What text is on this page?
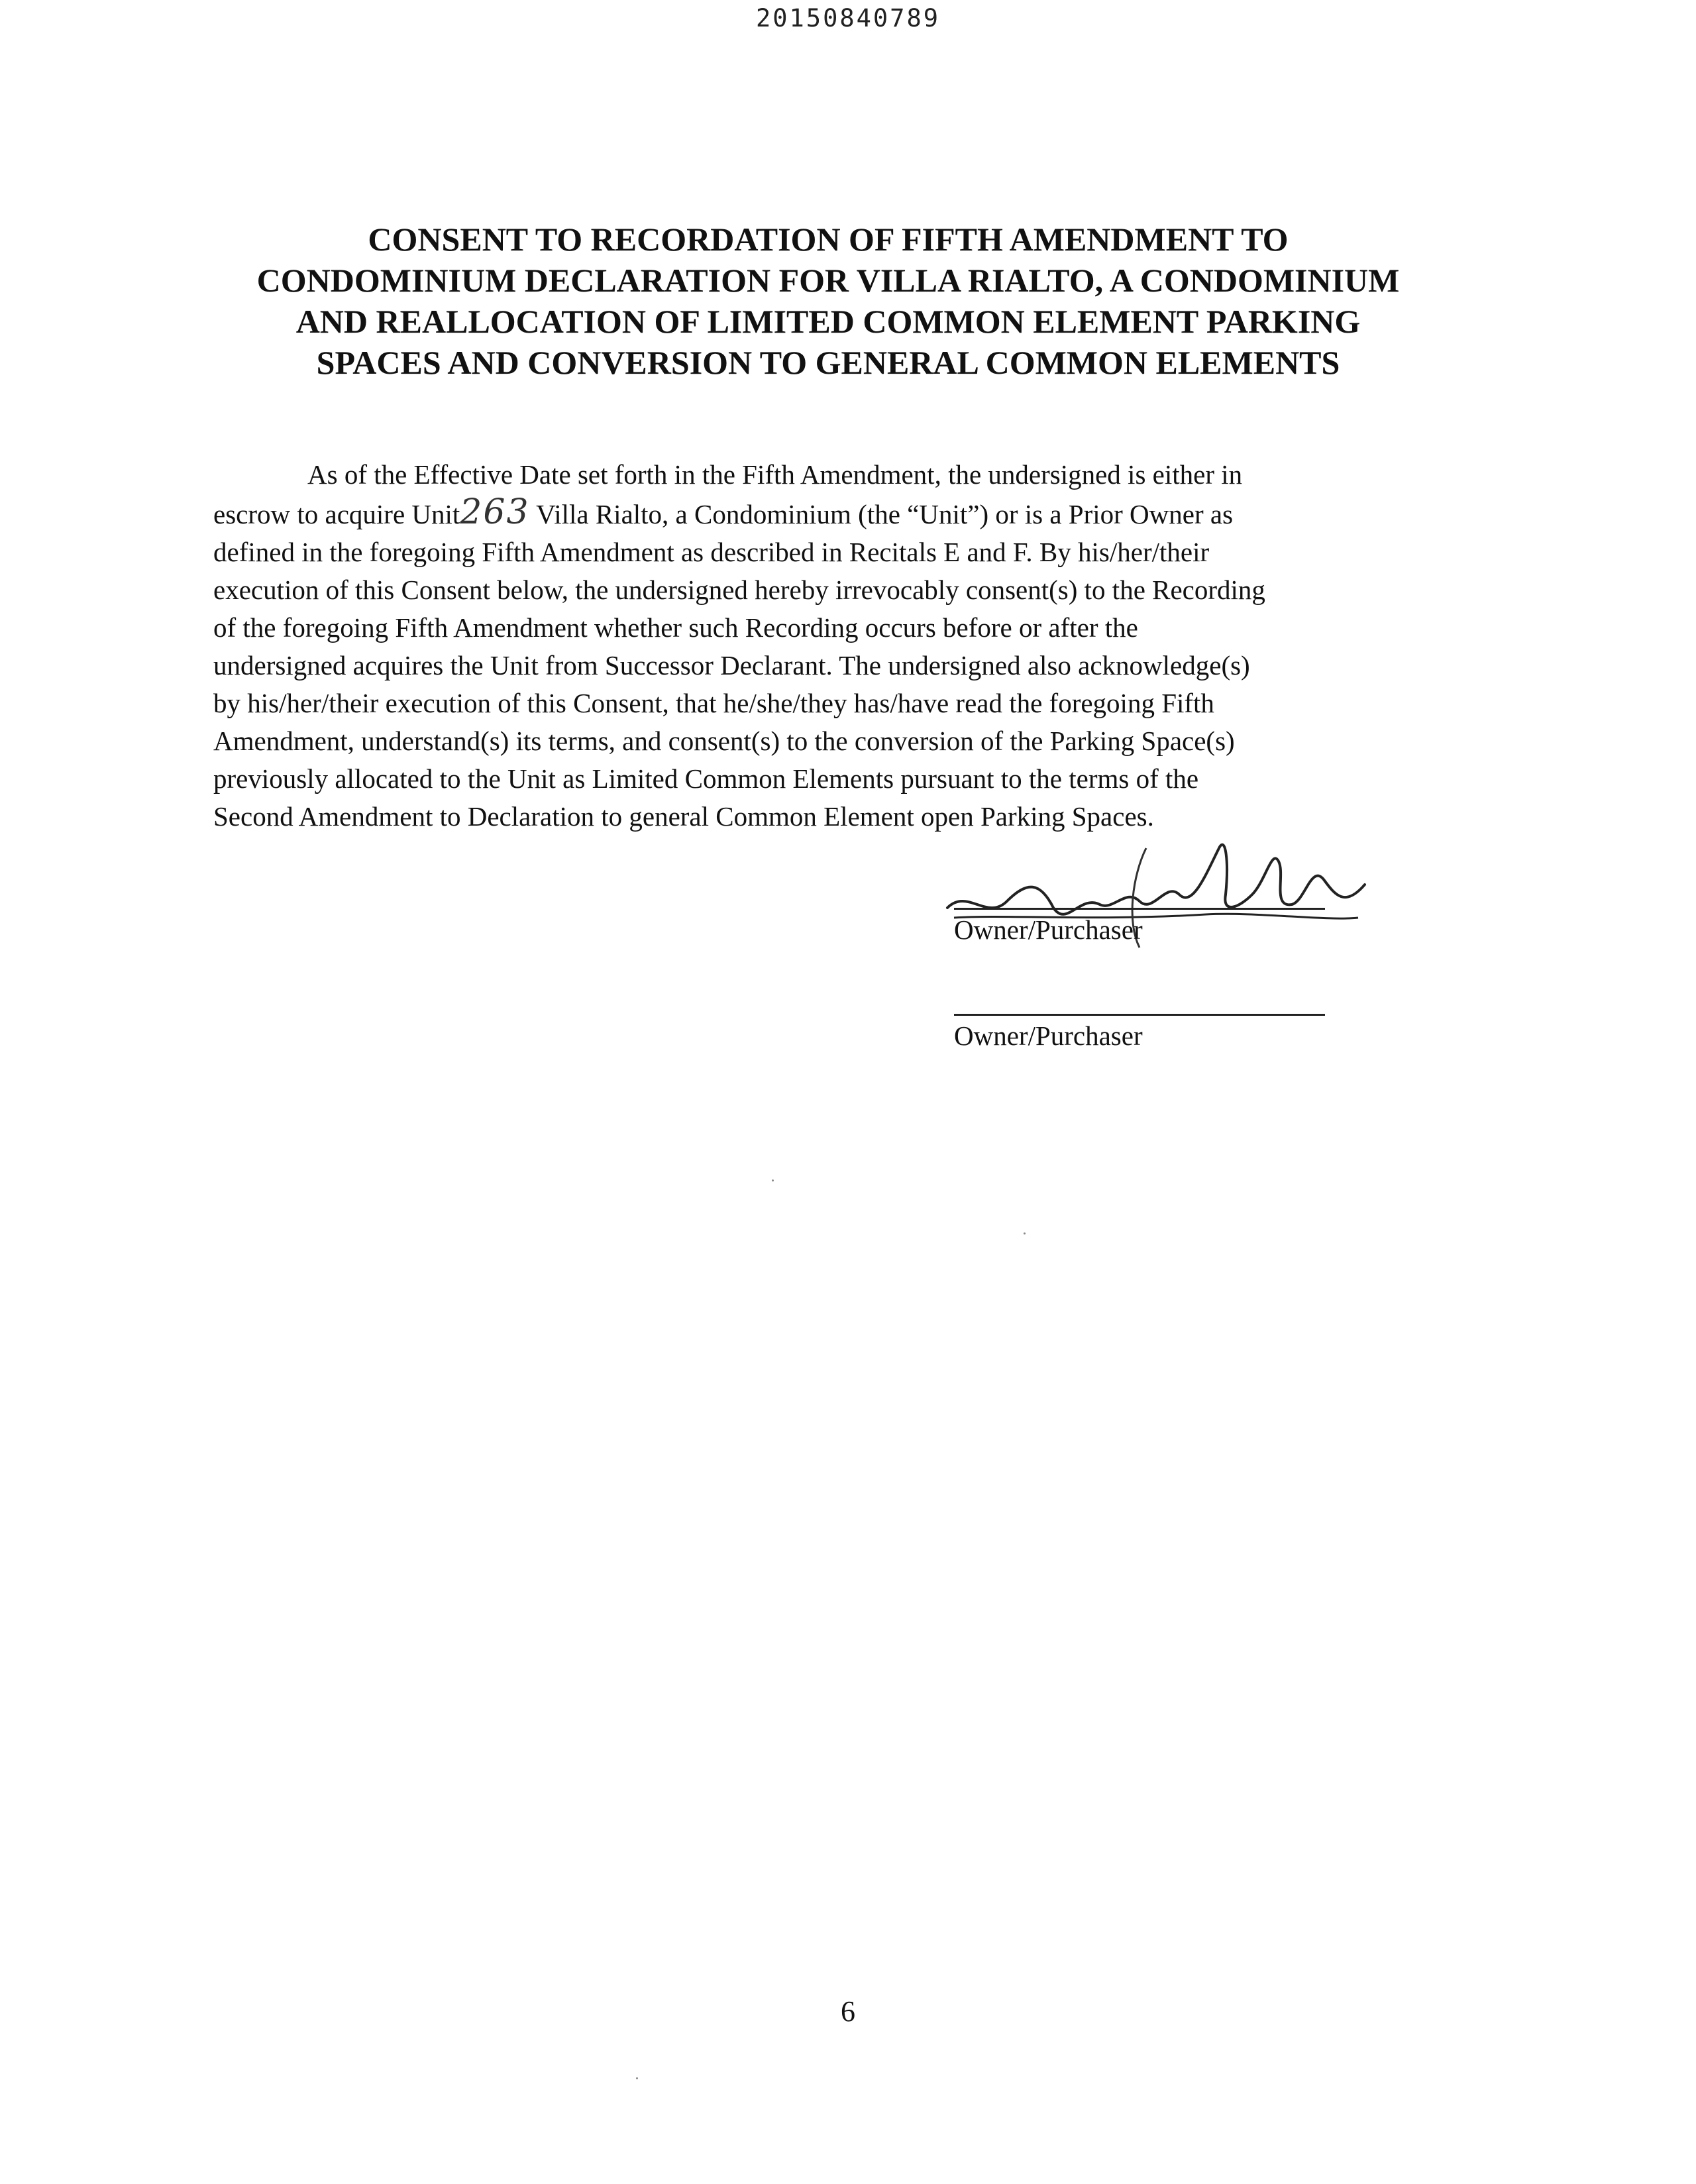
20150840789
CONSENT TO RECORDATION OF FIFTH AMENDMENT TO
CONDOMINIUM DECLARATION FOR VILLA RIALTO, A CONDOMINIUM
AND REALLOCATION OF LIMITED COMMON ELEMENT PARKING
SPACES AND CONVERSION TO GENERAL COMMON ELEMENTS
As of the Effective Date set forth in the Fifth Amendment, the undersigned is either in
escrow to acquire Unit263 Villa Rialto, a Condominium (the “Unit”) or is a Prior Owner as
defined in the foregoing Fifth Amendment as described in Recitals E and F. By his/her/their
execution of this Consent below, the undersigned hereby irrevocably consent(s) to the Recording
of the foregoing Fifth Amendment whether such Recording occurs before or after the
undersigned acquires the Unit from Successor Declarant. The undersigned also acknowledge(s)
by his/her/their execution of this Consent, that he/she/they has/have read the foregoing Fifth
Amendment, understand(s) its terms, and consent(s) to the conversion of the Parking Space(s)
previously allocated to the Unit as Limited Common Elements pursuant to the terms of the
Second Amendment to Declaration to general Common Element open Parking Spaces.
Owner/Purchaser
Owner/Purchaser
6
